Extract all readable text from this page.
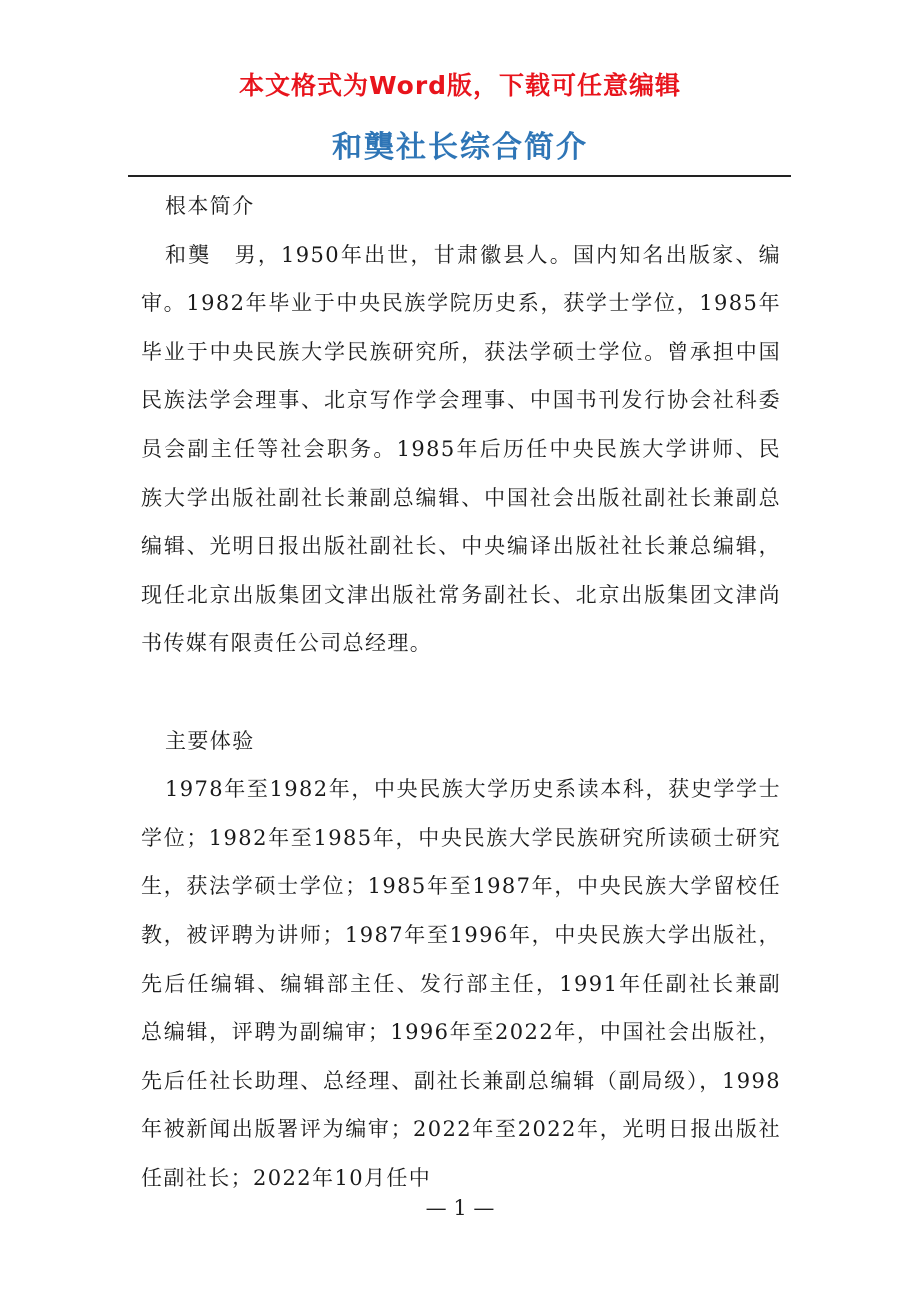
本文格式为Word版，下载可任意编辑
和龑社长综合简介

根本简介

和龑　男，1950年出世，甘肃徽县人。国内知名出版家、编审。1982年毕业于中央民族学院历史系，获学士学位，1985年毕业于中央民族大学民族研究所，获法学硕士学位。曾承担中国民族法学会理事、北京写作学会理事、中国书刊发行协会社科委员会副主任等社会职务。1985年后历任中央民族大学讲师、民族大学出版社副社长兼副总编辑、中国社会出版社副社长兼副总编辑、光明日报出版社副社长、中央编译出版社社长兼总编辑，现任北京出版集团文津出版社常务副社长、北京出版集团文津尚书传媒有限责任公司总经理。

主要体验

1978年至1982年，中央民族大学历史系读本科，获史学学士学位；1982年至1985年，中央民族大学民族研究所读硕士研究生，获法学硕士学位；1985年至1987年，中央民族大学留校任教，被评聘为讲师；1987年至1996年，中央民族大学出版社，先后任编辑、编辑部主任、发行部主任，1991年任副社长兼副总编辑，评聘为副编审；1996年至2022年，中国社会出版社，先后任社长助理、总经理、副社长兼副总编辑（副局级），1998年被新闻出版署评为编审；2022年至2022年，光明日报出版社任副社长；2022年10月任中

— 1 —
